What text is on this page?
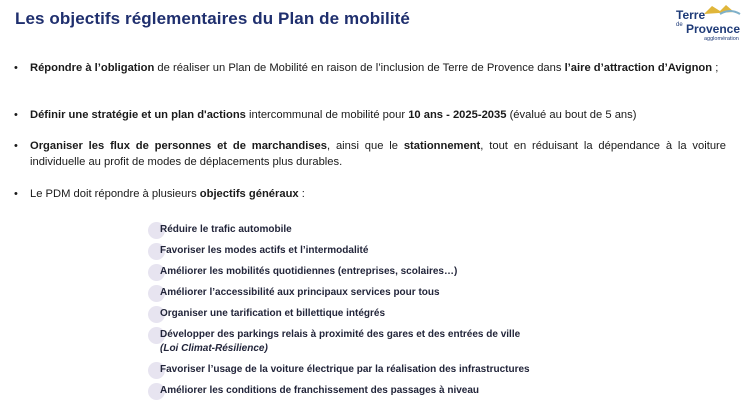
Les objectifs réglementaires du Plan de mobilité	Terre
de Provence
agglomération
• Répondre à l’obligation de réaliser un Plan de Mobilité en raison de l’inclusion de Terre de Provence dans l’aire d’attraction d’Avignon ;
• Définir une stratégie et un plan d'actions intercommunal de mobilité pour 10 ans - 2025-2035 (évalué au bout de 5 ans)
• Organiser les flux de personnes et de marchandises, ainsi que le stationnement, tout en réduisant la dépendance à la voiture individuelle au profit de modes de déplacements plus durables.
• Le PDM doit répondre à plusieurs objectifs généraux :
Réduire le trafic automobile
Favoriser les modes actifs et l’intermodalité
Améliorer les mobilités quotidiennes (entreprises, scolaires…)
Améliorer l’accessibilité aux principaux services pour tous
Organiser une tarification et billettique intégrés
Développer des parkings relais à proximité des gares et des entrées de ville
(Loi Climat-Résilience)
Favoriser l’usage de la voiture électrique par la réalisation des infrastructures
Améliorer les conditions de franchissement des passages à niveau
